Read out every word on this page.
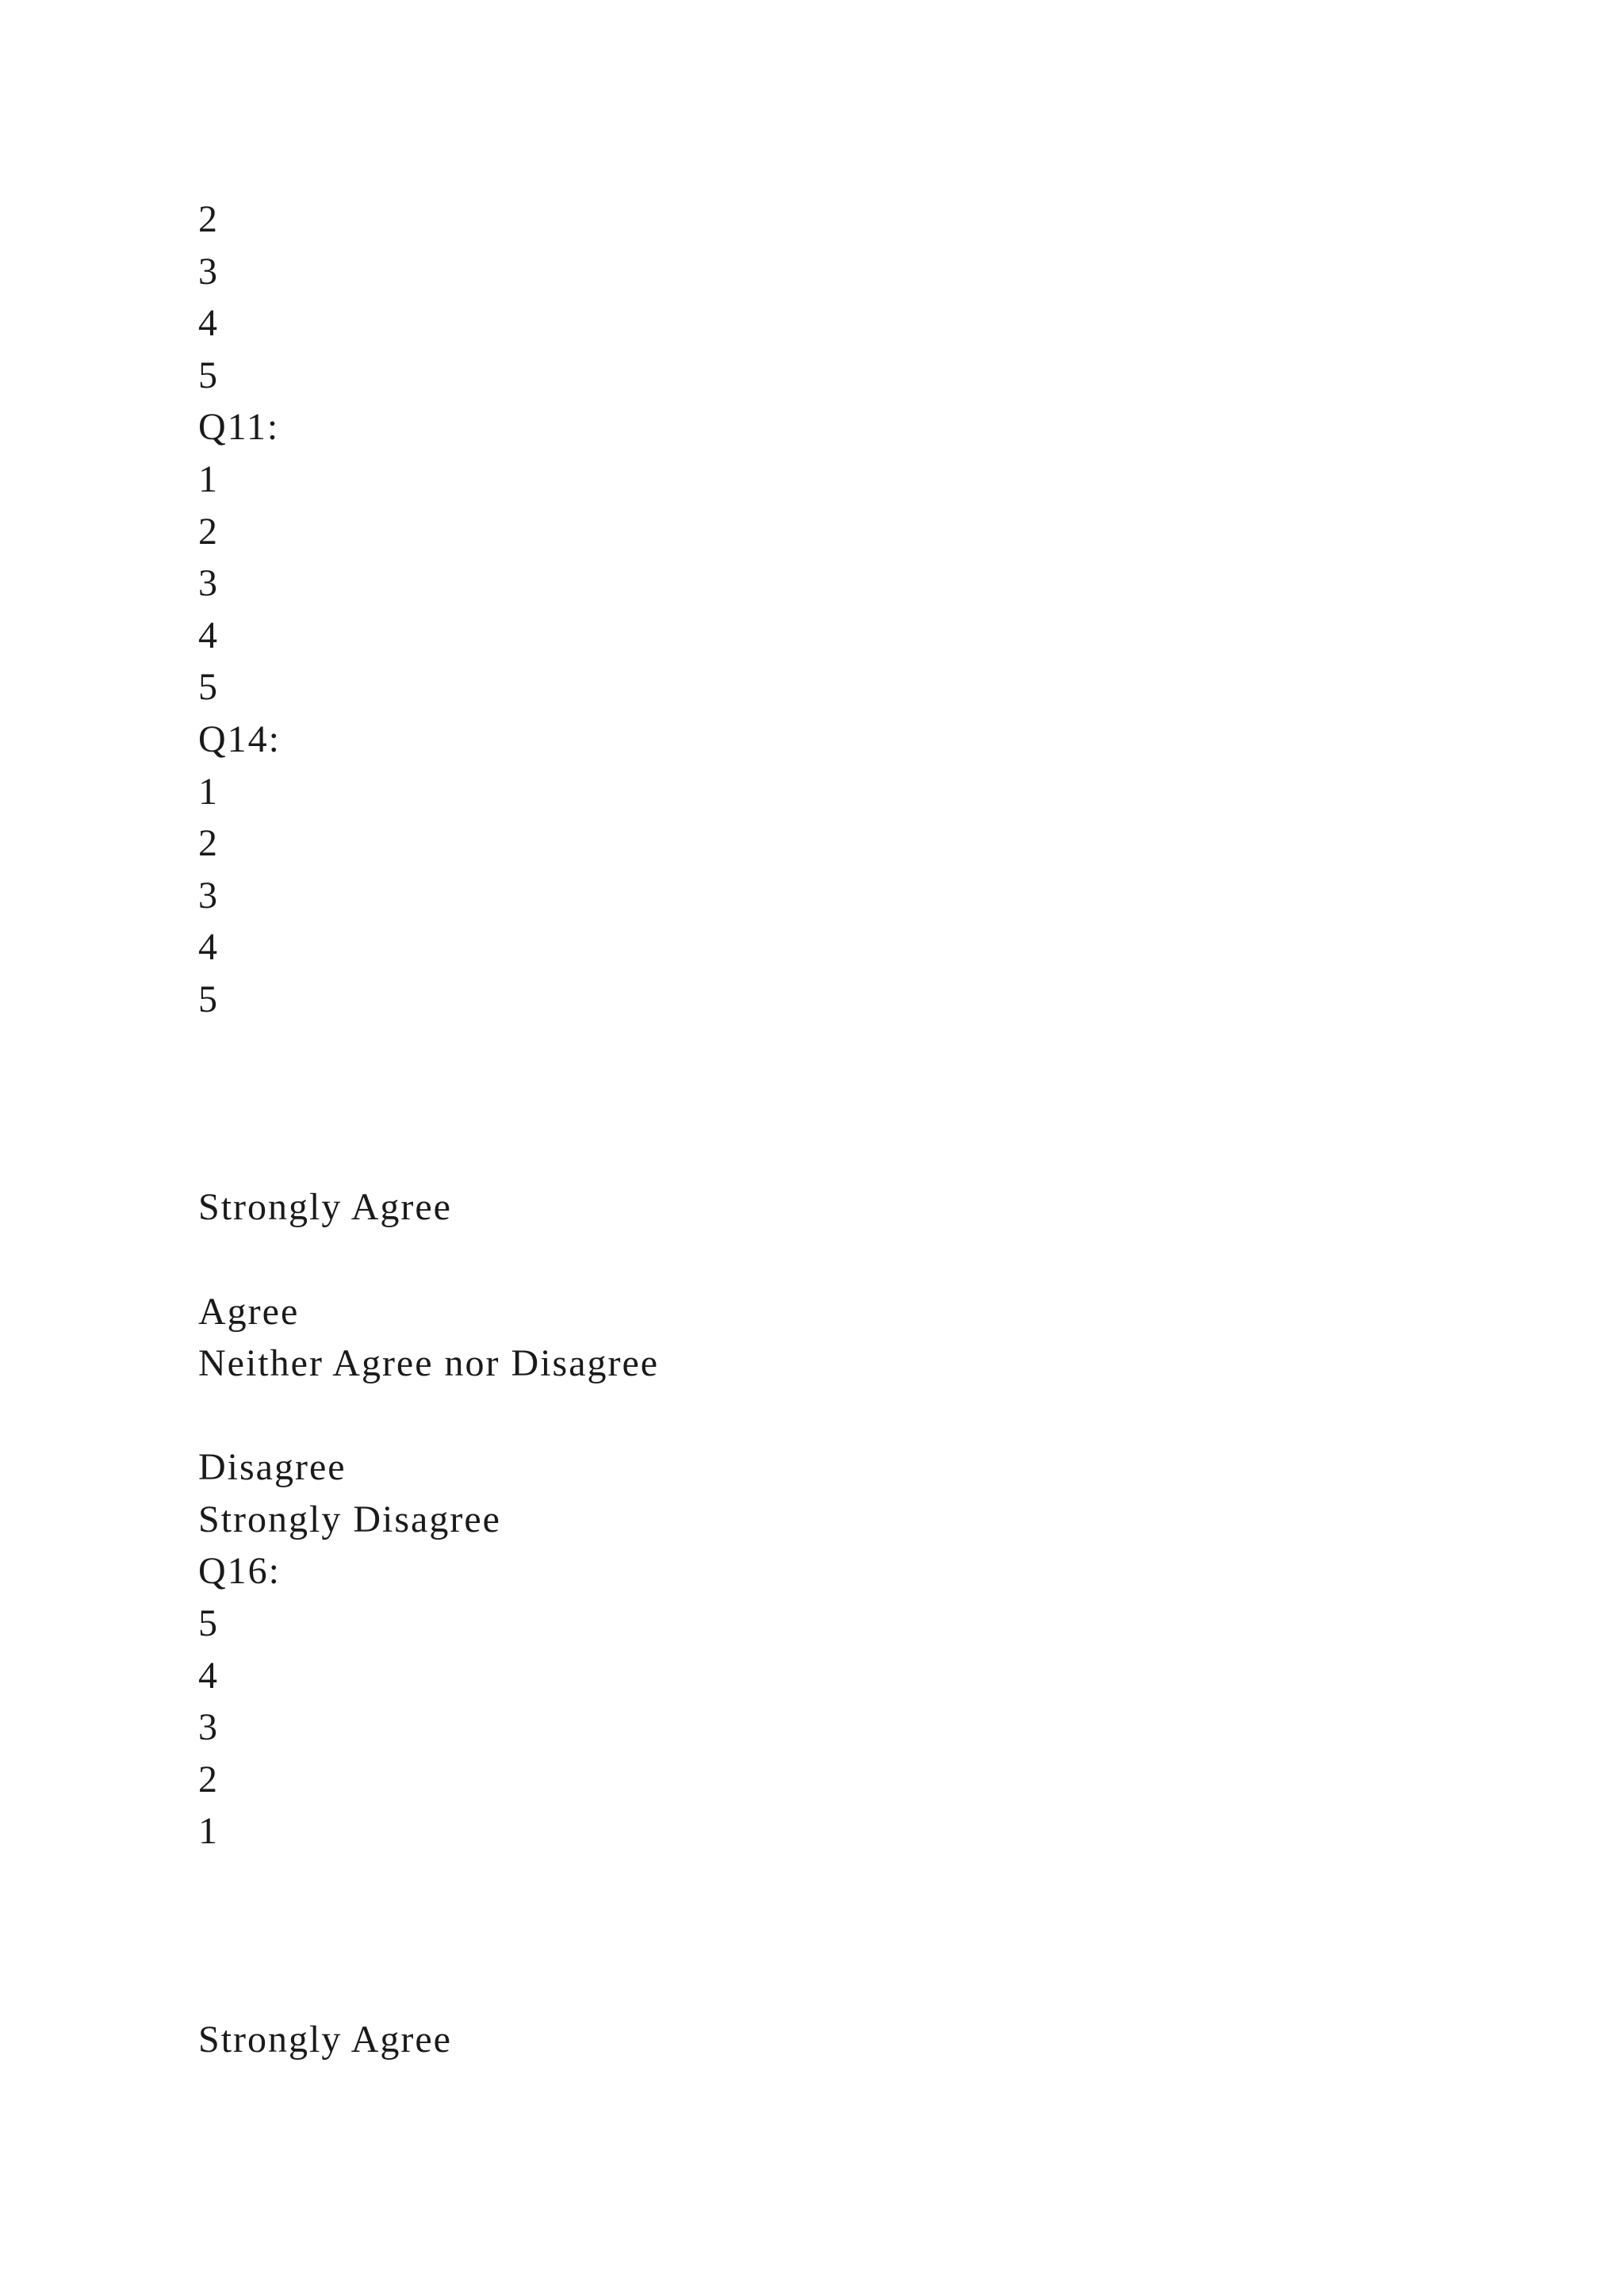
2

3

4

5

Q11:

1

2

3

4

5

Q14:

1

2

3

4

5

Strongly Agree

Agree

Neither Agree nor Disagree

Disagree

Strongly Disagree

Q16:

5

4

3

2

1

Strongly Agree
